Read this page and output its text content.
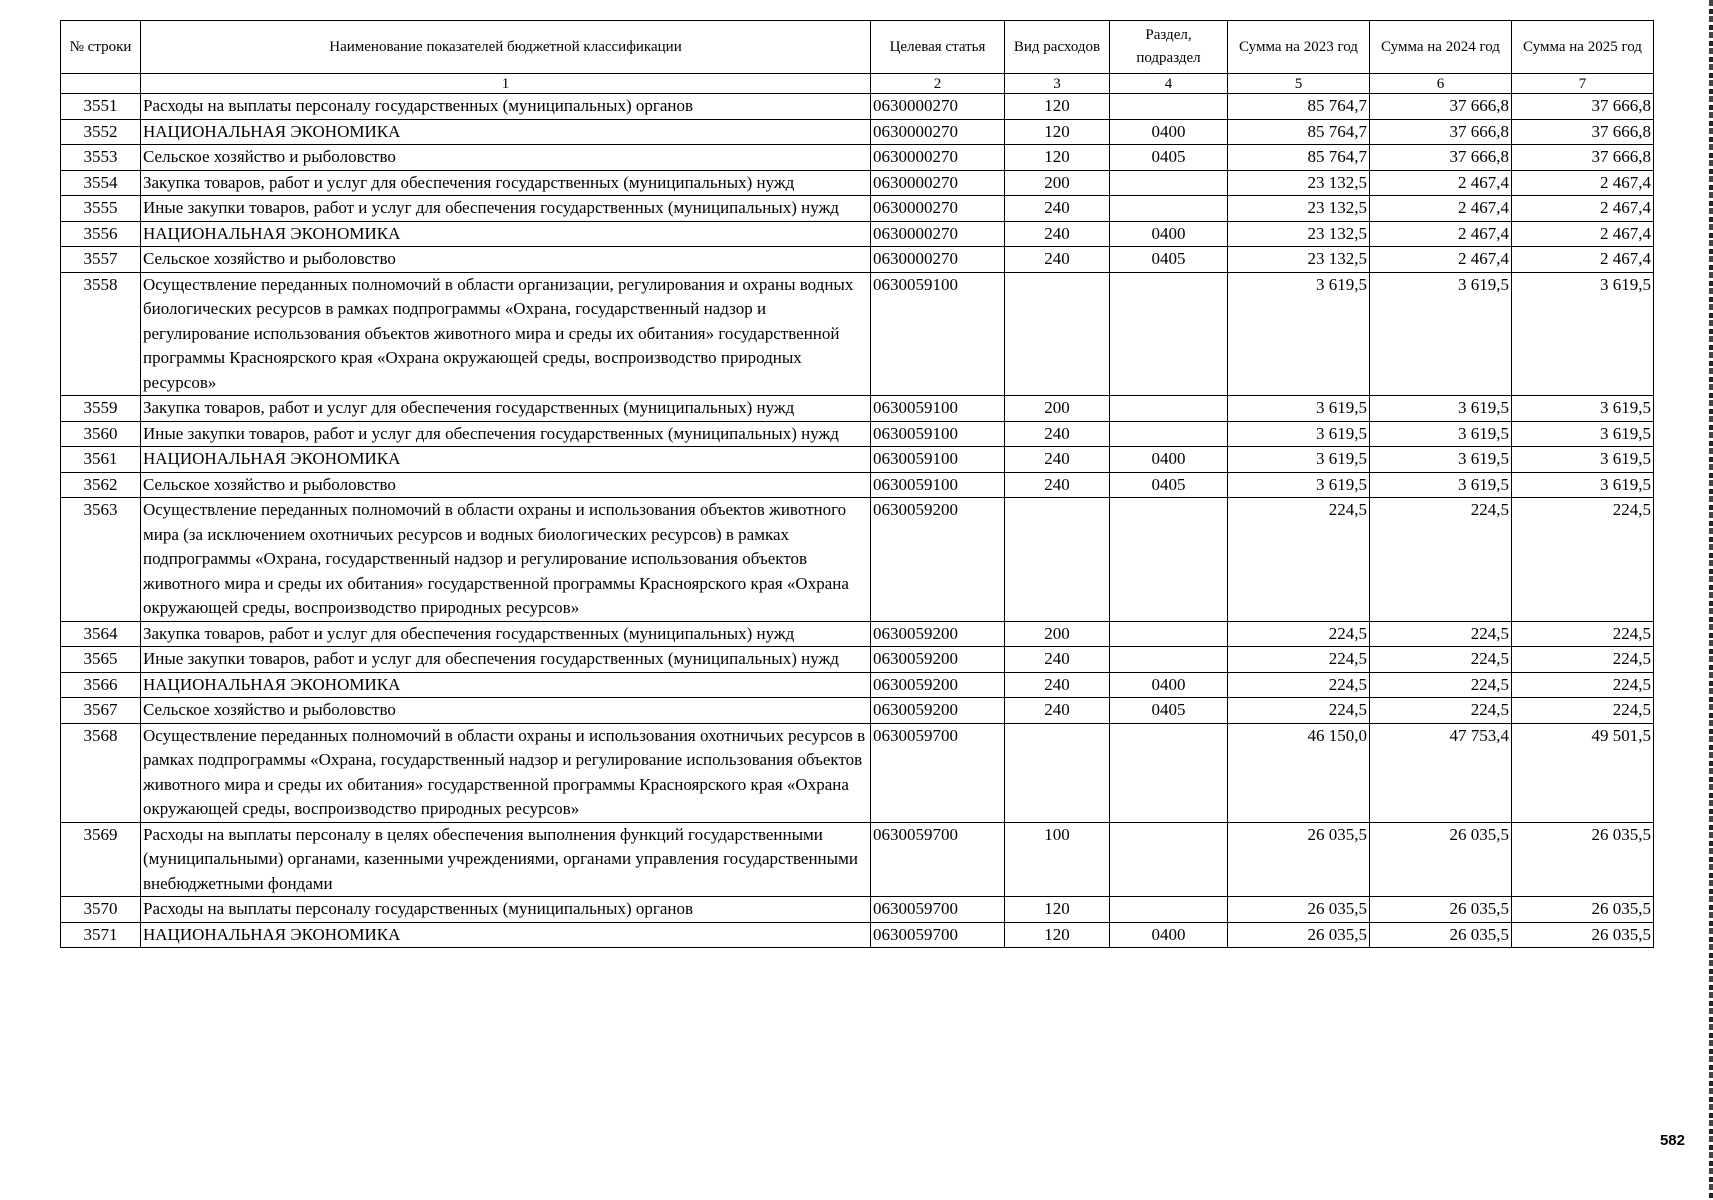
№ строки	Наименование показателей бюджетной классификации	Целевая статья	Вид расходов	Раздел, подраздел	Сумма на 2023 год	Сумма на 2024 год	Сумма на 2025 год
	1	2	3	4	5	6	7
3551	Расходы на выплаты персоналу государственных (муниципальных) органов	0630000270	120		85 764,7	37 666,8	37 666,8
3552	НАЦИОНАЛЬНАЯ ЭКОНОМИКА	0630000270	120	0400	85 764,7	37 666,8	37 666,8
3553	Сельское хозяйство и рыболовство	0630000270	120	0405	85 764,7	37 666,8	37 666,8
3554	Закупка товаров, работ и услуг для обеспечения государственных (муниципальных) нужд	0630000270	200		23 132,5	2 467,4	2 467,4
3555	Иные закупки товаров, работ и услуг для обеспечения государственных (муниципальных) нужд	0630000270	240		23 132,5	2 467,4	2 467,4
3556	НАЦИОНАЛЬНАЯ ЭКОНОМИКА	0630000270	240	0400	23 132,5	2 467,4	2 467,4
3557	Сельское хозяйство и рыболовство	0630000270	240	0405	23 132,5	2 467,4	2 467,4
3558	Осуществление переданных полномочий в области организации, регулирования и охраны водных биологических ресурсов в рамках подпрограммы «Охрана, государственный надзор и регулирование использования объектов животного мира и среды их обитания» государственной программы Красноярского края «Охрана окружающей среды, воспроизводство природных ресурсов»	0630059100			3 619,5	3 619,5	3 619,5
3559	Закупка товаров, работ и услуг для обеспечения государственных (муниципальных) нужд	0630059100	200		3 619,5	3 619,5	3 619,5
3560	Иные закупки товаров, работ и услуг для обеспечения государственных (муниципальных) нужд	0630059100	240		3 619,5	3 619,5	3 619,5
3561	НАЦИОНАЛЬНАЯ ЭКОНОМИКА	0630059100	240	0400	3 619,5	3 619,5	3 619,5
3562	Сельское хозяйство и рыболовство	0630059100	240	0405	3 619,5	3 619,5	3 619,5
3563	Осуществление переданных полномочий в области охраны и использования объектов животного мира (за исключением охотничьих ресурсов и водных биологических ресурсов) в рамках подпрограммы «Охрана, государственный надзор и регулирование использования объектов животного мира и среды их обитания» государственной программы Красноярского края «Охрана окружающей среды, воспроизводство природных ресурсов»	0630059200			224,5	224,5	224,5
3564	Закупка товаров, работ и услуг для обеспечения государственных (муниципальных) нужд	0630059200	200		224,5	224,5	224,5
3565	Иные закупки товаров, работ и услуг для обеспечения государственных (муниципальных) нужд	0630059200	240		224,5	224,5	224,5
3566	НАЦИОНАЛЬНАЯ ЭКОНОМИКА	0630059200	240	0400	224,5	224,5	224,5
3567	Сельское хозяйство и рыболовство	0630059200	240	0405	224,5	224,5	224,5
3568	Осуществление переданных полномочий в области охраны и использования охотничьих ресурсов в рамках подпрограммы «Охрана, государственный надзор и регулирование использования объектов животного мира и среды их обитания» государственной программы Красноярского края «Охрана окружающей среды, воспроизводство природных ресурсов»	0630059700			46 150,0	47 753,4	49 501,5
3569	Расходы на выплаты персоналу в целях обеспечения выполнения функций государственными (муниципальными) органами, казенными учреждениями, органами управления государственными внебюджетными фондами	0630059700	100		26 035,5	26 035,5	26 035,5
3570	Расходы на выплаты персоналу государственных (муниципальных) органов	0630059700	120		26 035,5	26 035,5	26 035,5
3571	НАЦИОНАЛЬНАЯ ЭКОНОМИКА	0630059700	120	0400	26 035,5	26 035,5	26 035,5
582
